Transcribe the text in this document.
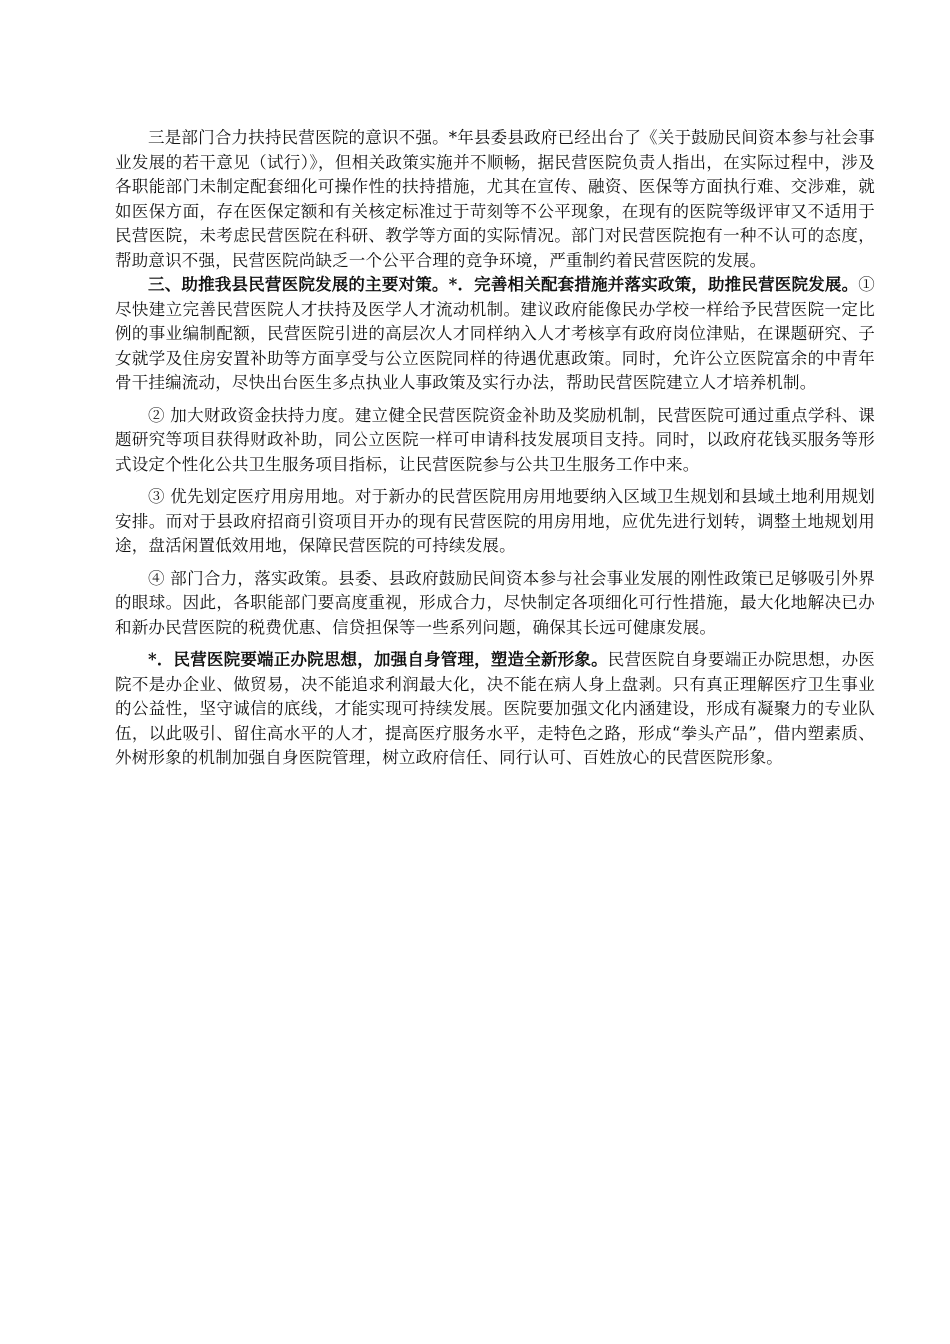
三是部门合力扶持民营医院的意识不强。*年县委县政府已经出台了《关于鼓励民间资本参与社会事业发展的若干意见（试行）》，但相关政策实施并不顺畅，据民营医院负责人指出，在实际过程中，涉及各职能部门未制定配套细化可操作性的扶持措施，尤其在宣传、融资、医保等方面执行难、交涉难，就如医保方面，存在医保定额和有关核定标准过于苛刻等不公平现象，在现有的医院等级评审又不适用于民营医院，未考虑民营医院在科研、教学等方面的实际情况。部门对民营医院抱有一种不认可的态度，帮助意识不强，民营医院尚缺乏一个公平合理的竞争环境，严重制约着民营医院的发展。

三、助推我县民营医院发展的主要对策。*．完善相关配套措施并落实政策，助推民营医院发展。①尽快建立完善民营医院人才扶持及医学人才流动机制。建议政府能像民办学校一样给予民营医院一定比例的事业编制配额，民营医院引进的高层次人才同样纳入人才考核享有政府岗位津贴，在课题研究、子女就学及住房安置补助等方面享受与公立医院同样的待遇优惠政策。同时，允许公立医院富余的中青年骨干挂编流动，尽快出台医生多点执业人事政策及实行办法，帮助民营医院建立人才培养机制。

② 加大财政资金扶持力度。建立健全民营医院资金补助及奖励机制，民营医院可通过重点学科、课题研究等项目获得财政补助，同公立医院一样可申请科技发展项目支持。同时，以政府花钱买服务等形式设定个性化公共卫生服务项目指标，让民营医院参与公共卫生服务工作中来。

③ 优先划定医疗用房用地。对于新办的民营医院用房用地要纳入区域卫生规划和县域土地利用规划安排。而对于县政府招商引资项目开办的现有民营医院的用房用地，应优先进行划转，调整土地规划用途，盘活闲置低效用地，保障民营医院的可持续发展。

④ 部门合力，落实政策。县委、县政府鼓励民间资本参与社会事业发展的刚性政策已足够吸引外界的眼球。因此，各职能部门要高度重视，形成合力，尽快制定各项细化可行性措施，最大化地解决已办和新办民营医院的税费优惠、信贷担保等一些系列问题，确保其长远可健康发展。

*．民营医院要端正办院思想，加强自身管理，塑造全新形象。民营医院自身要端正办院思想，办医院不是办企业、做贸易，决不能追求利润最大化，决不能在病人身上盘剥。只有真正理解医疗卫生事业的公益性，坚守诚信的底线，才能实现可持续发展。医院要加强文化内涵建设，形成有凝聚力的专业队伍，以此吸引、留住高水平的人才，提高医疗服务水平，走特色之路，形成“拳头产品”，借内塑素质、外树形象的机制加强自身医院管理，树立政府信任、同行认可、百姓放心的民营医院形象。
